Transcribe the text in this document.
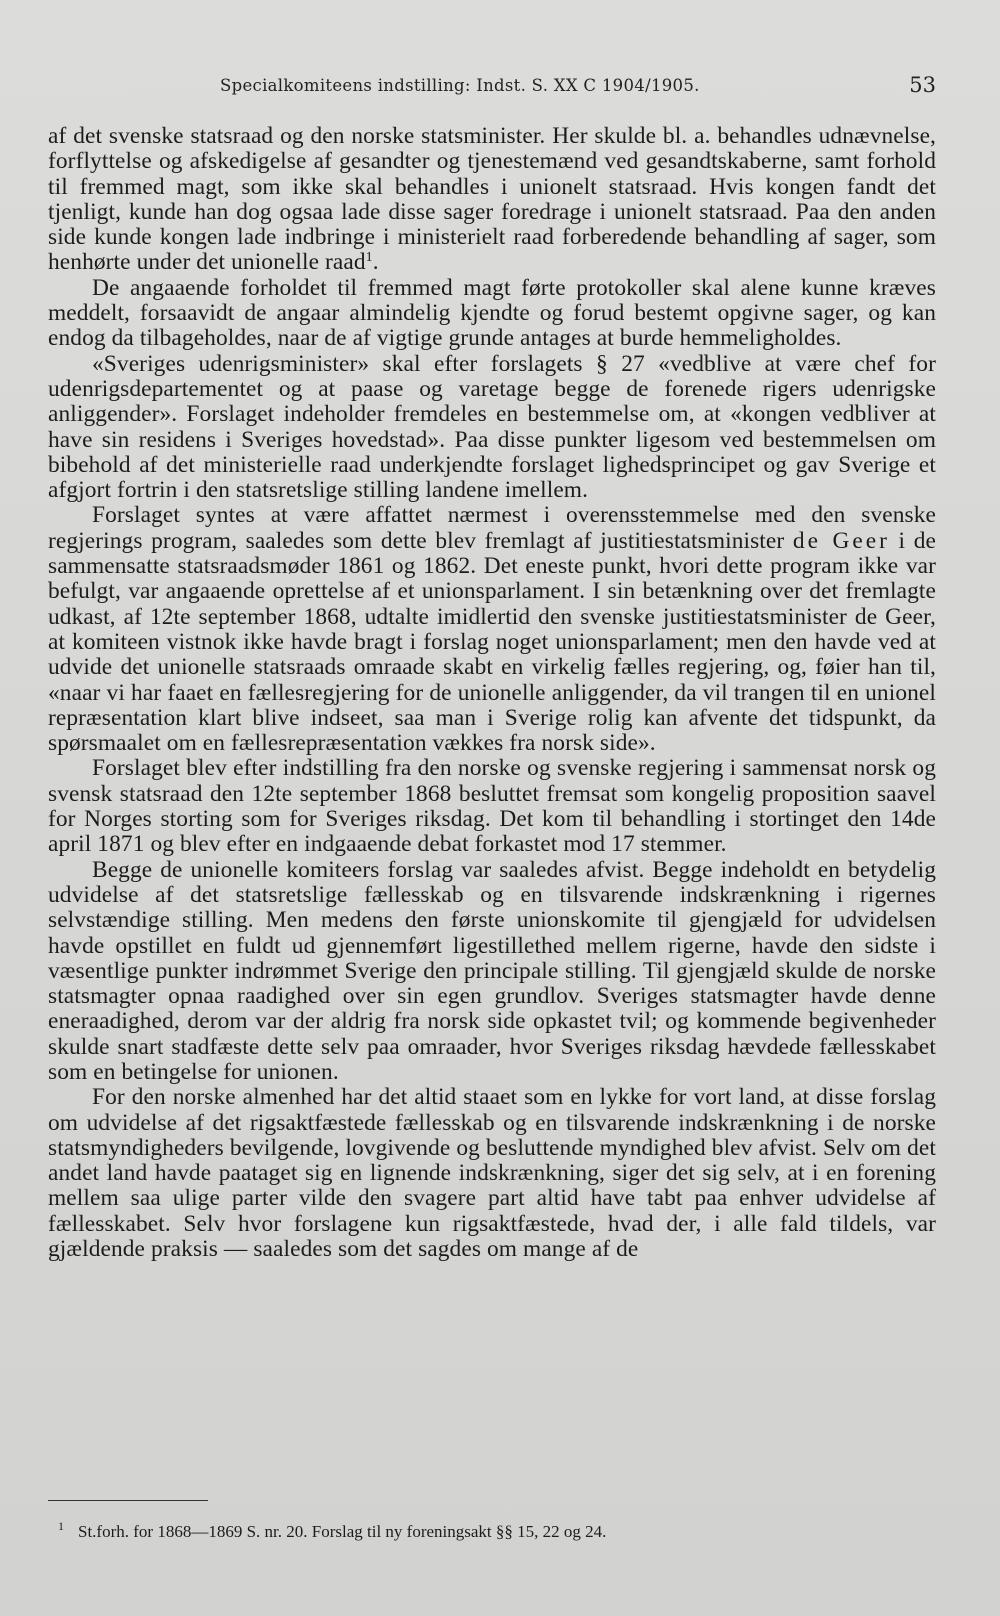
Specialkomiteens indstilling: Indst. S. XX C 1904/1905.	53

af det svenske statsraad og den norske statsminister. Her skulde bl. a. behandles udnævnelse, forflyttelse og afskedigelse af gesandter og tjenestemænd ved gesandtskaberne, samt forhold til fremmed magt, som ikke skal behandles i unionelt statsraad. Hvis kongen fandt det tjenligt, kunde han dog ogsaa lade disse sager foredrage i unionelt statsraad. Paa den anden side kunde kongen lade indbringe i ministerielt raad forberedende behandling af sager, som henhørte under det unionelle raad$^1$.

De angaaende forholdet til fremmed magt førte protokoller skal alene kunne kræves meddelt, forsaavidt de angaar almindelig kjendte og forud bestemt opgivne sager, og kan endog da tilbageholdes, naar de af vigtige grunde antages at burde hemmeligholdes.

«Sveriges udenrigsminister» skal efter forslagets § 27 «vedblive at være chef for udenrigsdepartementet og at paase og varetage begge de forenede rigers udenrigske anliggender». Forslaget indeholder fremdeles en bestemmelse om, at «kongen vedbliver at have sin residens i Sveriges hovedstad». Paa disse punkter ligesom ved bestemmelsen om bibehold af det ministerielle raad underkjendte forslaget lighedsprincipet og gav Sverige et afgjort fortrin i den statsretslige stilling landene imellem.

Forslaget syntes at være affattet nærmest i overensstemmelse med den svenske regjerings program, saaledes som dette blev fremlagt af justitiestatsminister de Geer i de sammensatte statsraadsmøder 1861 og 1862. Det eneste punkt, hvori dette program ikke var befulgt, var angaaende oprettelse af et unionsparlament. I sin betænkning over det fremlagte udkast, af 12te september 1868, udtalte imidlertid den svenske justitiestatsminister de Geer, at komiteen vistnok ikke havde bragt i forslag noget unionsparlament; men den havde ved at udvide det unionelle statsraads omraade skabt en virkelig fælles regjering, og, føier han til, «naar vi har faaet en fællesregjering for de unionelle anliggender, da vil trangen til en unionel repræsentation klart blive indseet, saa man i Sverige rolig kan afvente det tidspunkt, da spørsmaalet om en fællesrepræsentation vækkes fra norsk side».

Forslaget blev efter indstilling fra den norske og svenske regjering i sammensat norsk og svensk statsraad den 12te september 1868 besluttet fremsat som kongelig proposition saavel for Norges storting som for Sveriges riksdag. Det kom til behandling i stortinget den 14de april 1871 og blev efter en indgaaende debat forkastet mod 17 stemmer.

Begge de unionelle komiteers forslag var saaledes afvist. Begge indeholdt en betydelig udvidelse af det statsretslige fællesskab og en tilsvarende indskrænkning i rigernes selvstændige stilling. Men medens den første unionskomite til gjengjæld for udvidelsen havde opstillet en fuldt ud gjennemført ligestillethed mellem rigerne, havde den sidste i væsentlige punkter indrømmet Sverige den principale stilling. Til gjengjæld skulde de norske statsmagter opnaa raadighed over sin egen grundlov. Sveriges statsmagter havde denne eneraadighed, derom var der aldrig fra norsk side opkastet tvil; og kommende begivenheder skulde snart stadfæste dette selv paa omraader, hvor Sveriges riksdag hævdede fællesskabet som en betingelse for unionen.

For den norske almenhed har det altid staaet som en lykke for vort land, at disse forslag om udvidelse af det rigsaktfæstede fællesskab og en tilsvarende indskrænkning i de norske statsmyndigheders bevilgende, lovgivende og besluttende myndighed blev afvist. Selv om det andet land havde paataget sig en lignende indskrænkning, siger det sig selv, at i en forening mellem saa ulige parter vilde den svagere part altid have tabt paa enhver udvidelse af fællesskabet. Selv hvor forslagene kun rigsaktfæstede, hvad der, i alle fald tildels, var gjældende praksis — saaledes som det sagdes om mange af de

$^1$ St.forh. for 1868—1869 S. nr. 20. Forslag til ny foreningsakt §§ 15, 22 og 24.
